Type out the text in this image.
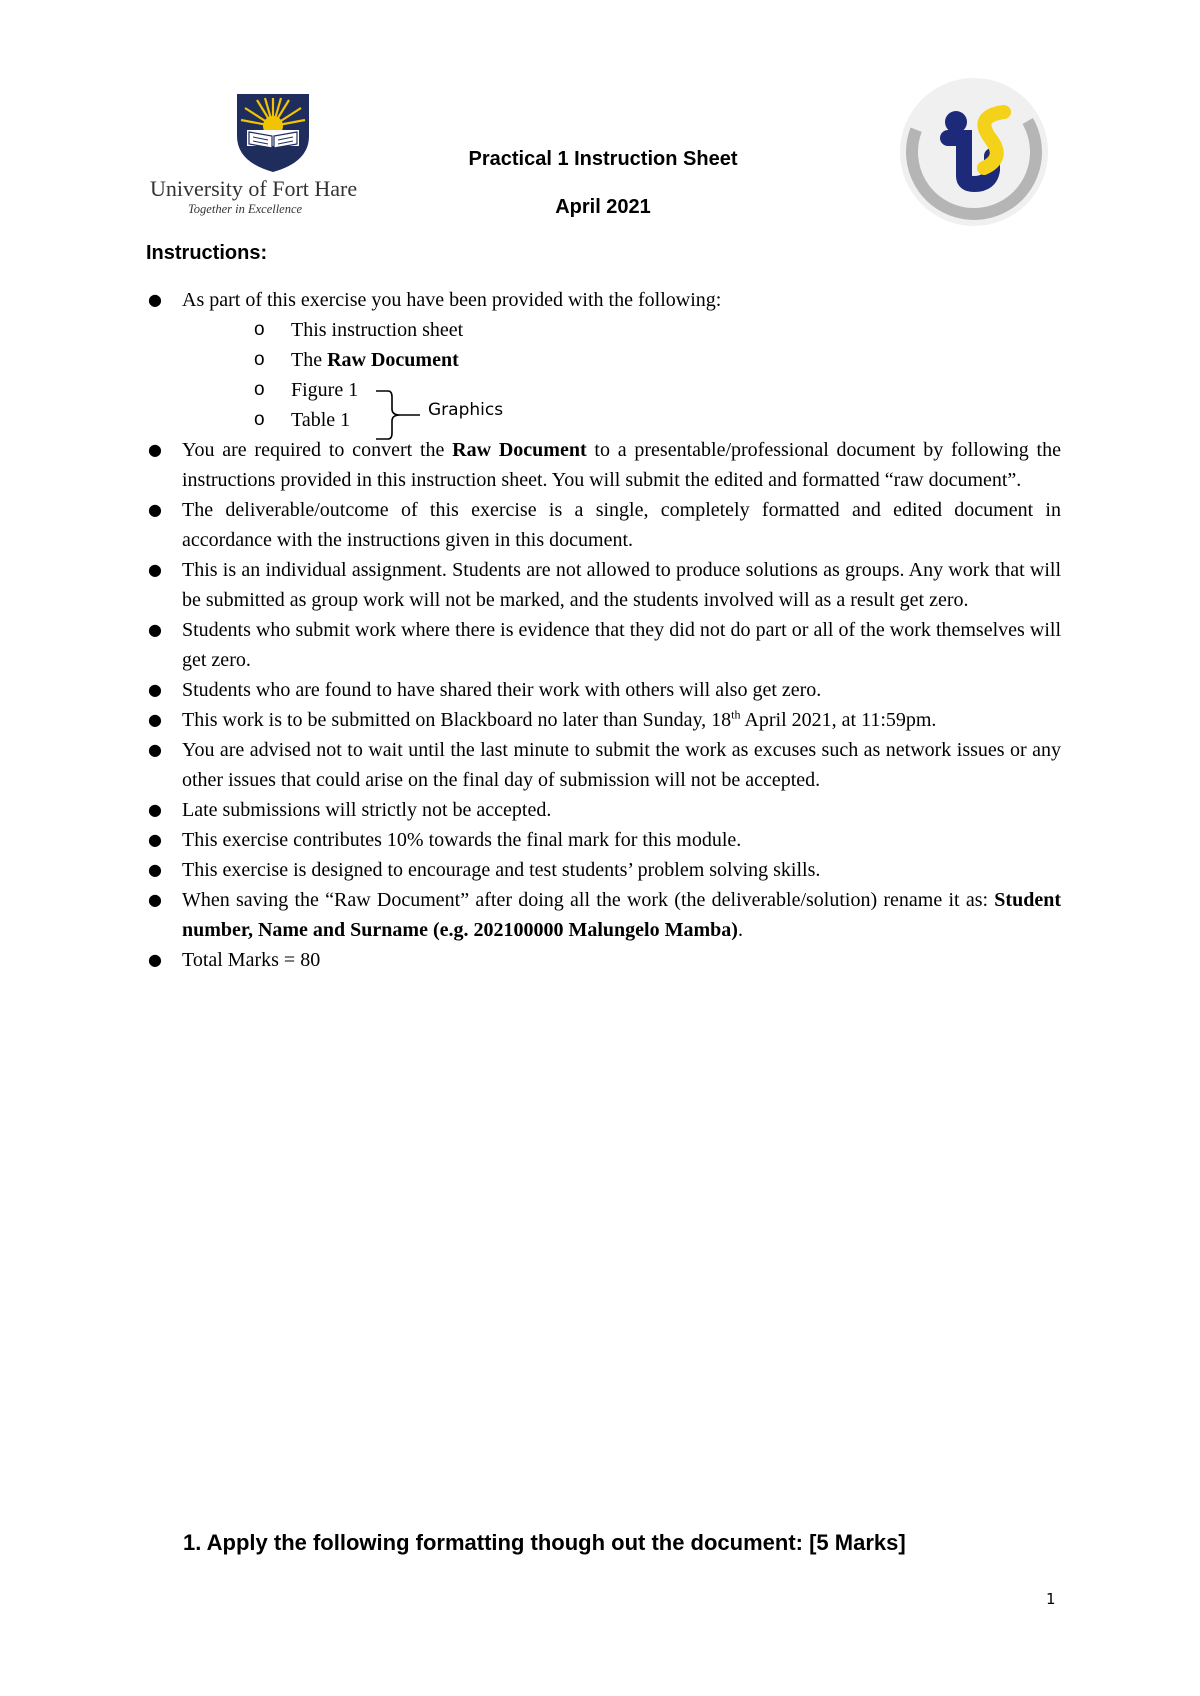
University of Fort Hare
Together in Excellence
Practical 1 Instruction Sheet
April 2021
Instructions:
● As part of this exercise you have been provided with the following:
o This instruction sheet
o The Raw Document
o Figure 1
o Table 1
● You are required to convert the Raw Document to a presentable/professional document by following the instructions provided in this instruction sheet. You will submit the edited and formatted “raw document”.
● The deliverable/outcome of this exercise is a single, completely formatted and edited document in accordance with the instructions given in this document.
● This is an individual assignment. Students are not allowed to produce solutions as groups. Any work that will be submitted as group work will not be marked, and the students involved will as a result get zero.
● Students who submit work where there is evidence that they did not do part or all of the work themselves will get zero.
● Students who are found to have shared their work with others will also get zero.
● This work is to be submitted on Blackboard no later than Sunday, 18th April 2021, at 11:59pm.
● You are advised not to wait until the last minute to submit the work as excuses such as network issues or any other issues that could arise on the final day of submission will not be accepted.
● Late submissions will strictly not be accepted.
● This exercise contributes 10% towards the final mark for this module.
● This exercise is designed to encourage and test students’ problem solving skills.
● When saving the “Raw Document” after doing all the work (the deliverable/solution) rename it as: Student number, Name and Surname (e.g. 202100000 Malungelo Mamba).
● Total Marks = 80
Graphics
1. Apply the following formatting though out the document: [5 Marks]
1
